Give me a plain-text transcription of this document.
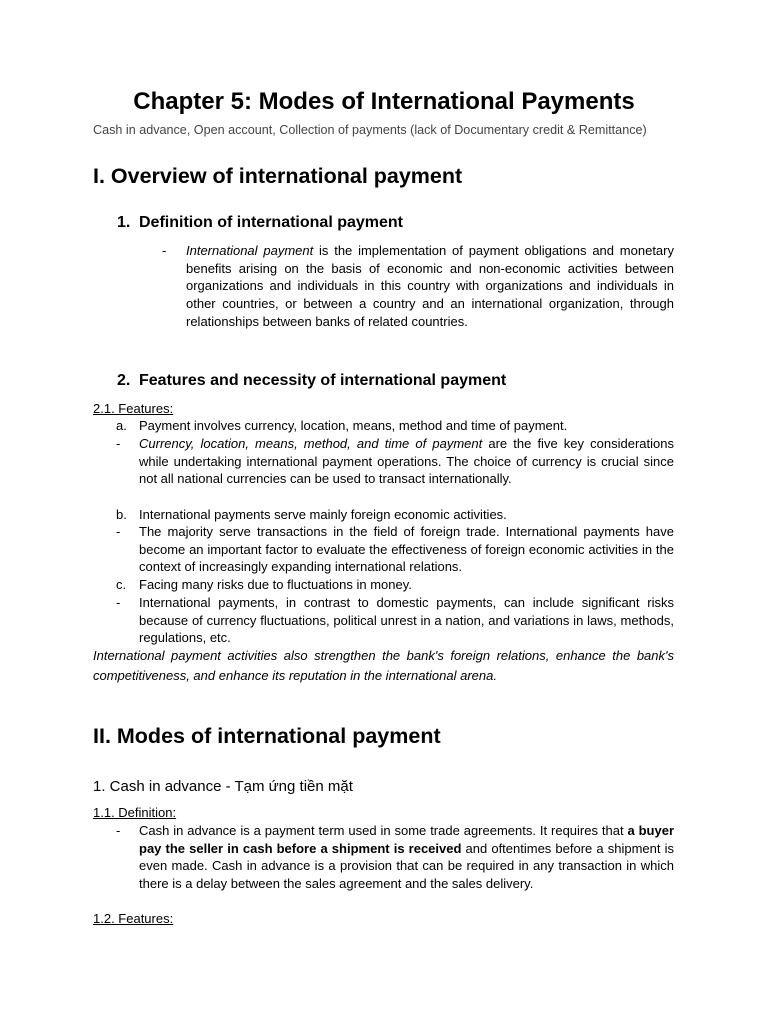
Chapter 5: Modes of International Payments
Cash in advance, Open account, Collection of payments (lack of Documentary credit & Remittance)
I. Overview of international payment
1. Definition of international payment
- International payment is the implementation of payment obligations and monetary benefits arising on the basis of economic and non-economic activities between organizations and individuals in this country with organizations and individuals in other countries, or between a country and an international organization, through relationships between banks of related countries.

2. Features and necessity of international payment
2.1. Features:
a. Payment involves currency, location, means, method and time of payment.

- Currency, location, means, method, and time of payment are the five key considerations while undertaking international payment operations. The choice of currency is crucial since not all national currencies can be used to transact internationally.

b. International payments serve mainly foreign economic activities.

- The majority serve transactions in the field of foreign trade. International payments have become an important factor to evaluate the effectiveness of foreign economic activities in the context of increasingly expanding international relations.

c. Facing many risks due to fluctuations in money.

- International payments, in contrast to domestic payments, can include significant risks because of currency fluctuations, political unrest in a nation, and variations in laws, methods, regulations, etc.

International payment activities also strengthen the bank's foreign relations, enhance the bank's competitiveness, and enhance its reputation in the international arena.

II. Modes of international payment
1. Cash in advance - Tạm ứng tiền mặt
1.1. Definition:
- Cash in advance is a payment term used in some trade agreements. It requires that a buyer pay the seller in cash before a shipment is received and oftentimes before a shipment is even made. Cash in advance is a provision that can be required in any transaction in which there is a delay between the sales agreement and the sales delivery.

1.2. Features:
